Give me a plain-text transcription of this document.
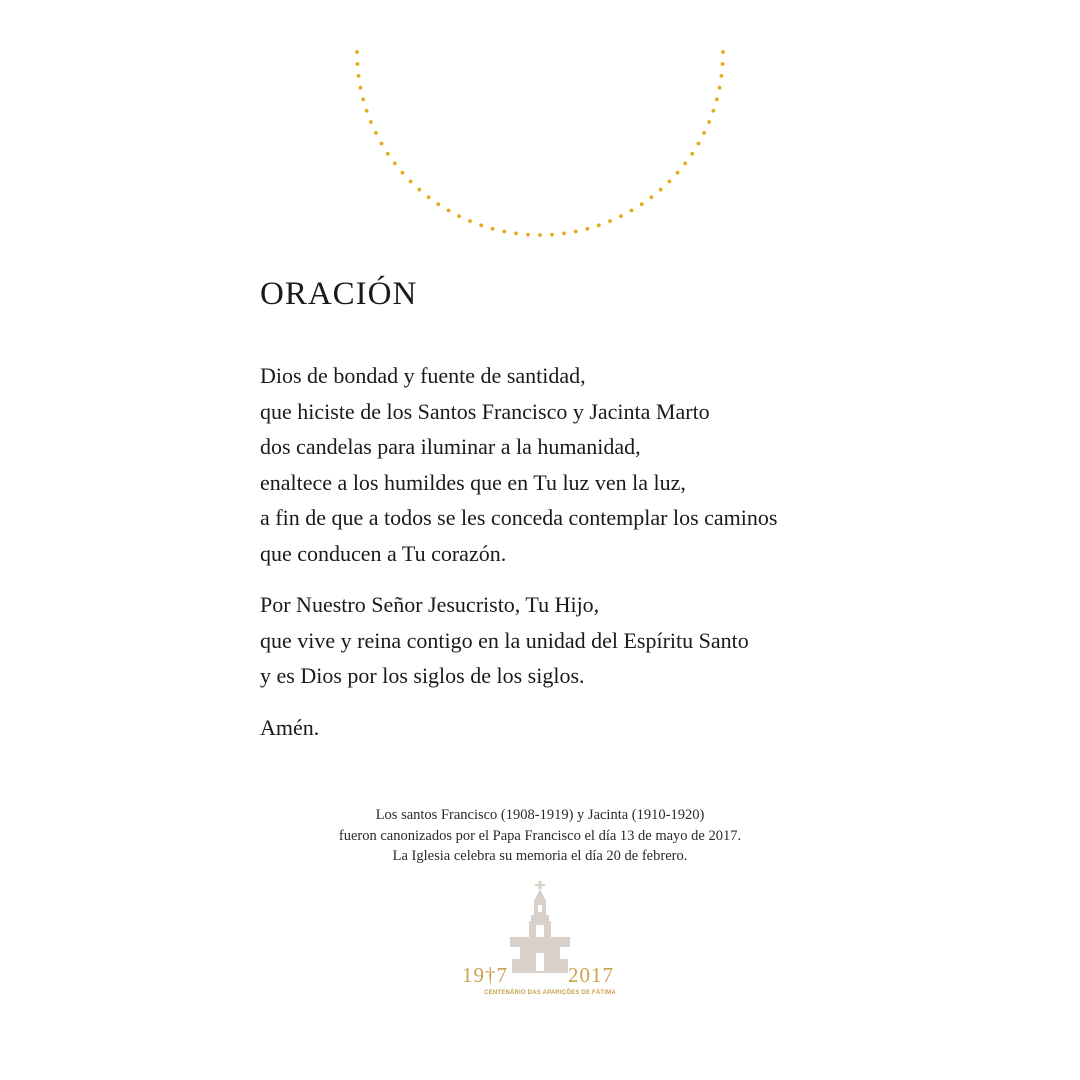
ORACIÓN

Dios de bondad y fuente de santidad,
que hiciste de los Santos Francisco y Jacinta Marto
dos candelas para iluminar a la humanidad,
enaltece a los humildes que en Tu luz ven la luz,
a fin de que a todos se les conceda contemplar los caminos
que conducen a Tu corazón.

Por Nuestro Señor Jesucristo, Tu Hijo,
que vive y reina contigo en la unidad del Espíritu Santo
y es Dios por los siglos de los siglos.

Amén.

Los santos Francisco (1908-1919) y Jacinta (1910-1920)
fueron canonizados por el Papa Francisco el día 13 de mayo de 2017.
La Iglesia celebra su memoria el día 20 de febrero.
19†7	2017
CENTENÁRIO DAS APARIÇÕES DE FÁTIMA
